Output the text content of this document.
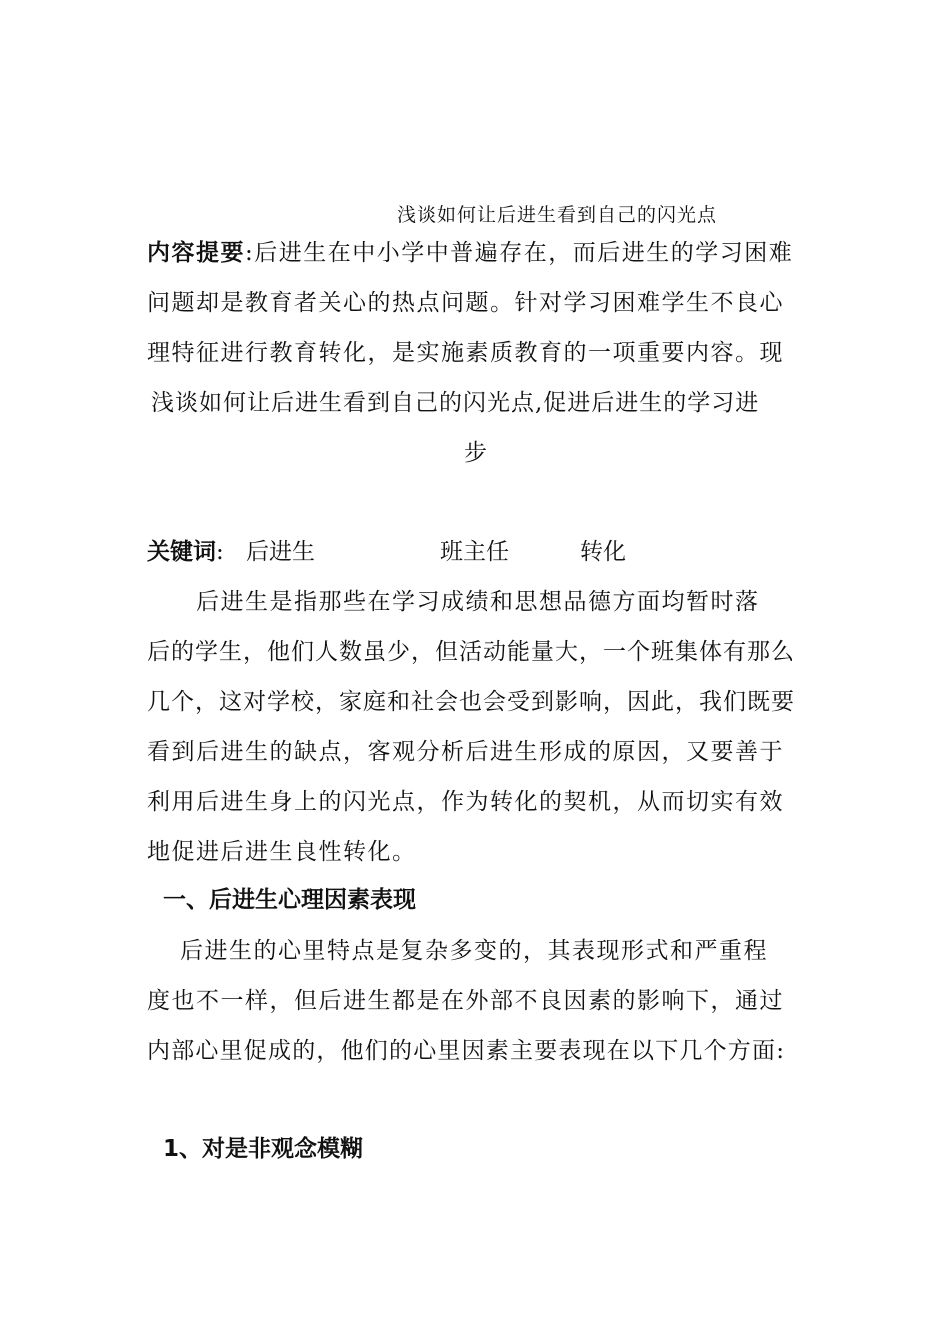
浅谈如何让后进生看到自己的闪光点
内容提要:后进生在中小学中普遍存在，而后进生的学习困难
问题却是教育者关心的热点问题。针对学习困难学生不良心
理特征进行教育转化，是实施素质教育的一项重要内容。现
浅谈如何让后进生看到自己的闪光点,促进后进生的学习进
步
关键词: 后进生	班主任	转化
后进生是指那些在学习成绩和思想品德方面均暂时落
后的学生，他们人数虽少，但活动能量大，一个班集体有那么
几个，这对学校，家庭和社会也会受到影响，因此，我们既要
看到后进生的缺点，客观分析后进生形成的原因，又要善于
利用后进生身上的闪光点，作为转化的契机，从而切实有效
地促进后进生良性转化。
一、后进生心理因素表现
后进生的心里特点是复杂多变的，其表现形式和严重程
度也不一样，但后进生都是在外部不良因素的影响下，通过
内部心里促成的，他们的心里因素主要表现在以下几个方面:
1、对是非观念模糊
